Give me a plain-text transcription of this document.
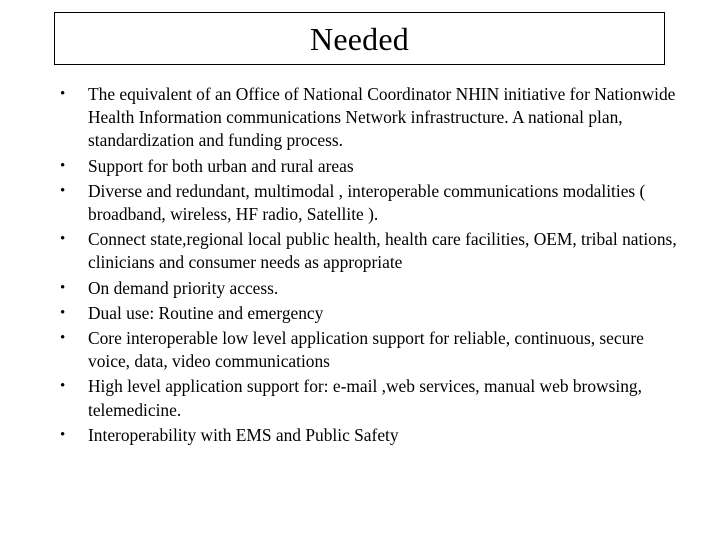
Needed
• The equivalent of an Office of National Coordinator NHIN initiative for Nationwide Health Information communications Network infrastructure. A national plan, standardization and funding process.
• Support for both urban and rural areas
• Diverse and redundant, multimodal , interoperable communications modalities ( broadband, wireless, HF radio, Satellite ).
• Connect state,regional local public health, health care facilities, OEM, tribal nations, clinicians and consumer needs as appropriate
• On demand priority access.
• Dual use: Routine and emergency
• Core interoperable low level application support for reliable, continuous, secure voice, data, video communications
• High level application support for: e-mail ,web services, manual web browsing, telemedicine.
• Interoperability with EMS and Public Safety
